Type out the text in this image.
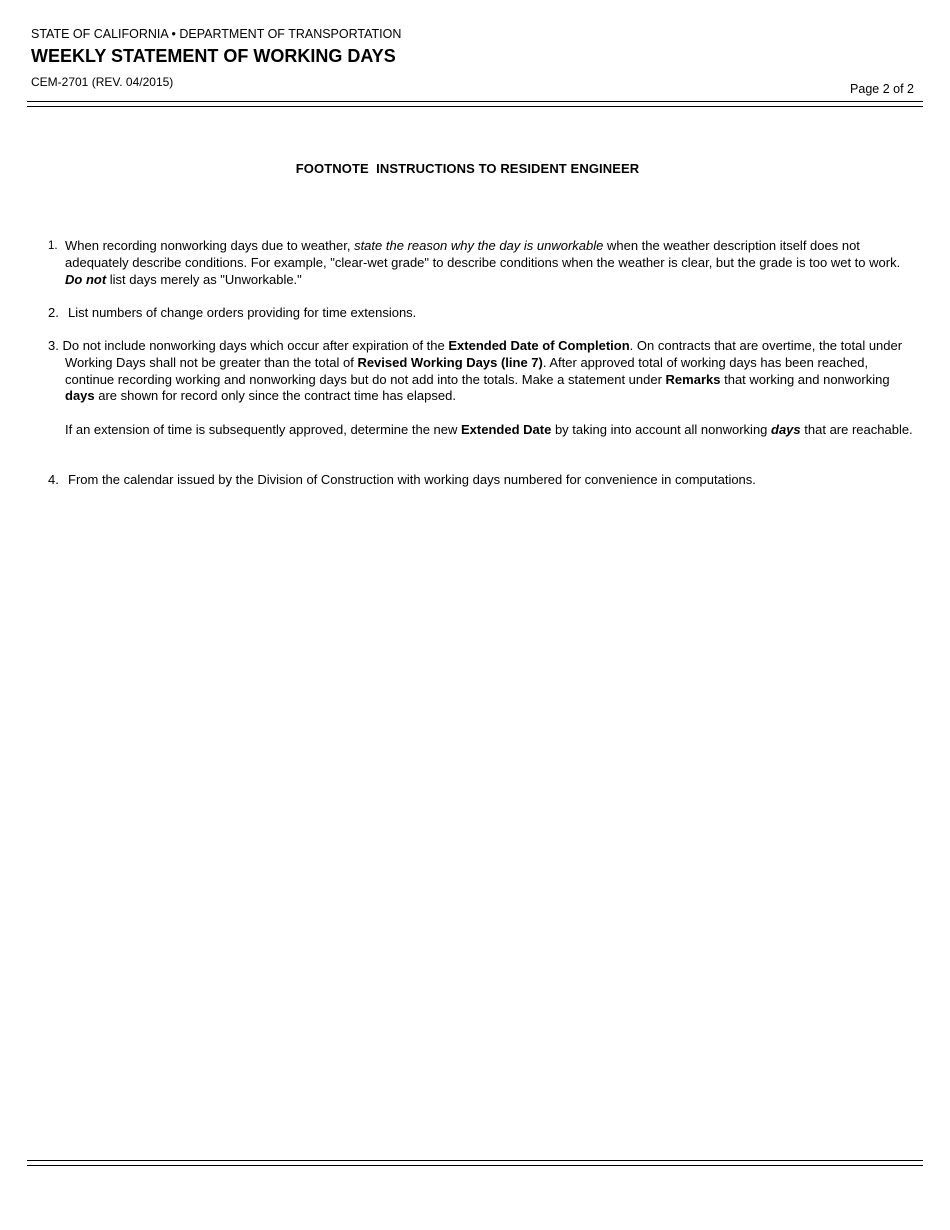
STATE OF CALIFORNIA • DEPARTMENT OF TRANSPORTATION
WEEKLY STATEMENT OF WORKING DAYS
CEM-2701 (REV. 04/2015)	Page 2 of 2
FOOTNOTE  INSTRUCTIONS TO RESIDENT ENGINEER
1. When recording nonworking days due to weather, state the reason why the day is unworkable when the weather description itself does not adequately describe conditions. For example, "clear-wet grade" to describe conditions when the weather is clear, but the grade is too wet to work. Do not list days merely as "Unworkable."
2. List numbers of change orders providing for time extensions.
3. Do not include nonworking days which occur after expiration of the Extended Date of Completion. On contracts that are overtime, the total under Working Days shall not be greater than the total of Revised Working Days (line 7). After approved total of working days has been reached, continue recording working and nonworking days but do not add into the totals. Make a statement under Remarks that working and nonworking days are shown for record only since the contract time has elapsed.
If an extension of time is subsequently approved, determine the new Extended Date by taking into account all nonworking days that are reachable.
4. From the calendar issued by the Division of Construction with working days numbered for convenience in computations.
